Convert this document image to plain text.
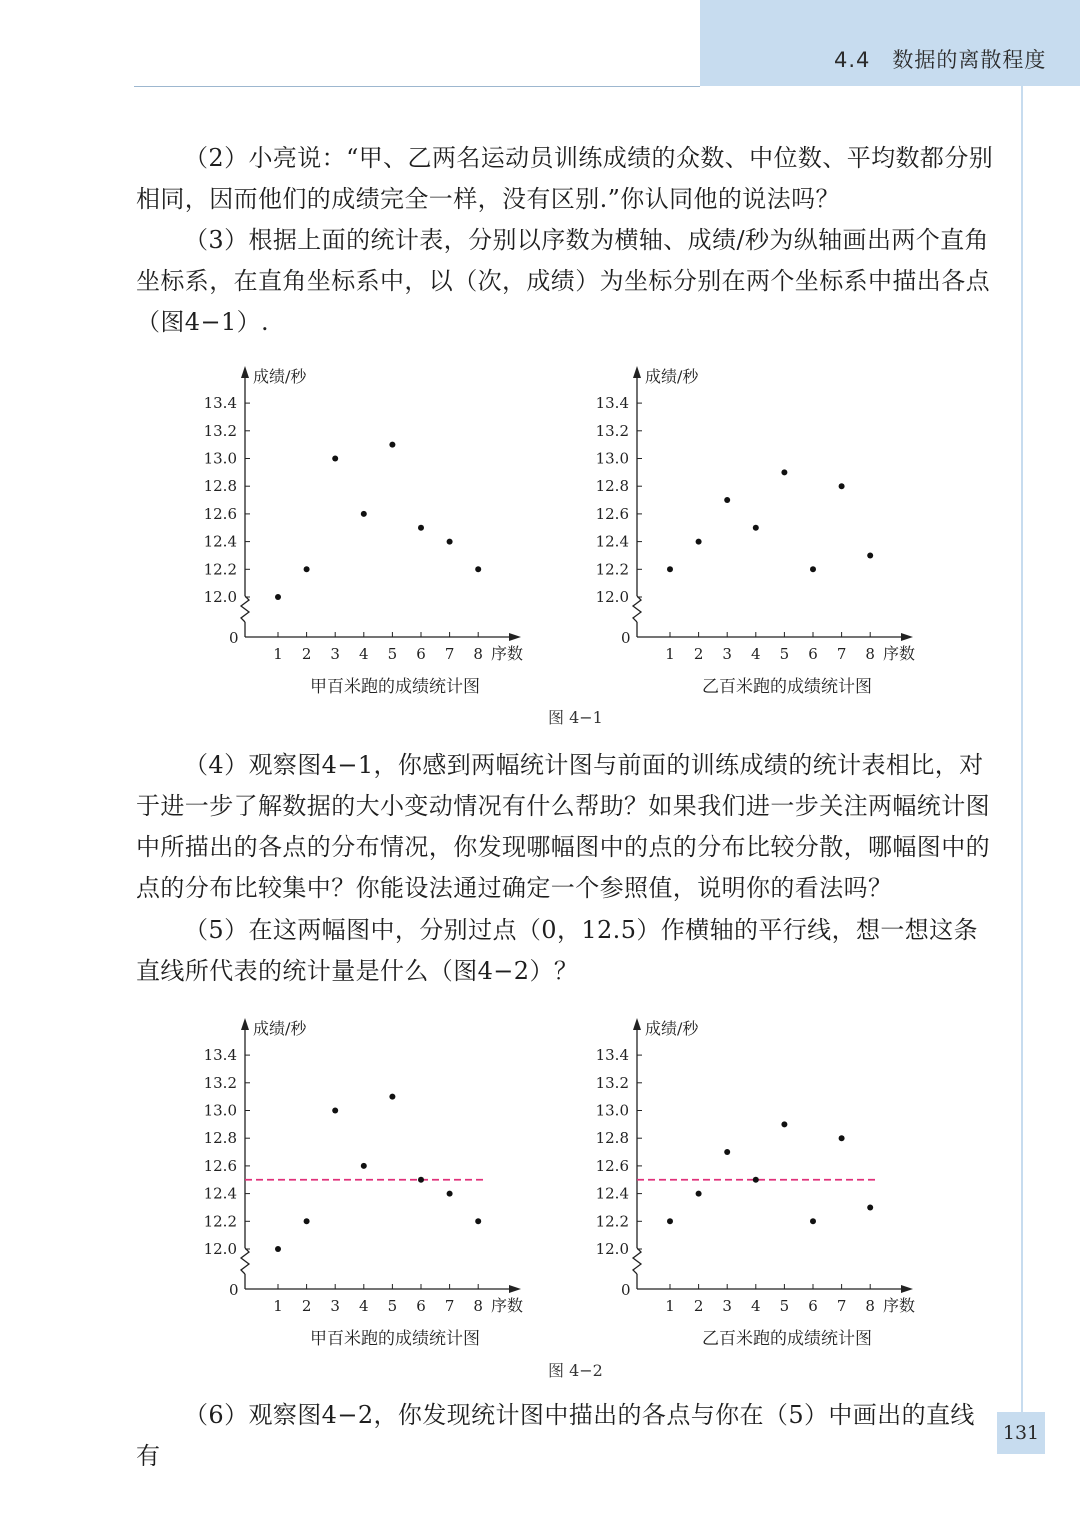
4.4　数据的离散程度

（2）小亮说：“甲、乙两名运动员训练成绩的众数、中位数、平均数都分别相同，因而他们的成绩完全一样，没有区别.”你认同他的说法吗？

（3）根据上面的统计表，分别以序数为横轴、成绩/秒为纵轴画出两个直角坐标系，在直角坐标系中，以（次，成绩）为坐标分别在两个坐标系中描出各点（图4−1）.

成绩/秒
序数
0
13.4
13.2
13.0
12.8
12.6
12.4
12.2
12.0
1 2 3 4 5 6 7 8
甲百米跑的成绩统计图
成绩/秒
序数
0
13.4
13.2
13.0
12.8
12.6
12.4
12.2
12.0
1 2 3 4 5 6 7 8
乙百米跑的成绩统计图
图 4−1

（4）观察图4−1，你感到两幅统计图与前面的训练成绩的统计表相比，对于进一步了解数据的大小变动情况有什么帮助？如果我们进一步关注两幅统计图中所描出的各点的分布情况，你发现哪幅图中的点的分布比较分散，哪幅图中的点的分布比较集中？你能设法通过确定一个参照值，说明你的看法吗？

（5）在这两幅图中，分别过点（0，12.5）作横轴的平行线，想一想这条直线所代表的统计量是什么（图4−2）？

成绩/秒
序数
0
13.4
13.2
13.0
12.8
12.6
12.4
12.2
12.0
1 2 3 4 5 6 7 8
甲百米跑的成绩统计图
成绩/秒
序数
0
13.4
13.2
13.0
12.8
12.6
12.4
12.2
12.0
1 2 3 4 5 6 7 8
乙百米跑的成绩统计图
图 4−2

（6）观察图4−2，你发现统计图中描出的各点与你在（5）中画出的直线有

131
